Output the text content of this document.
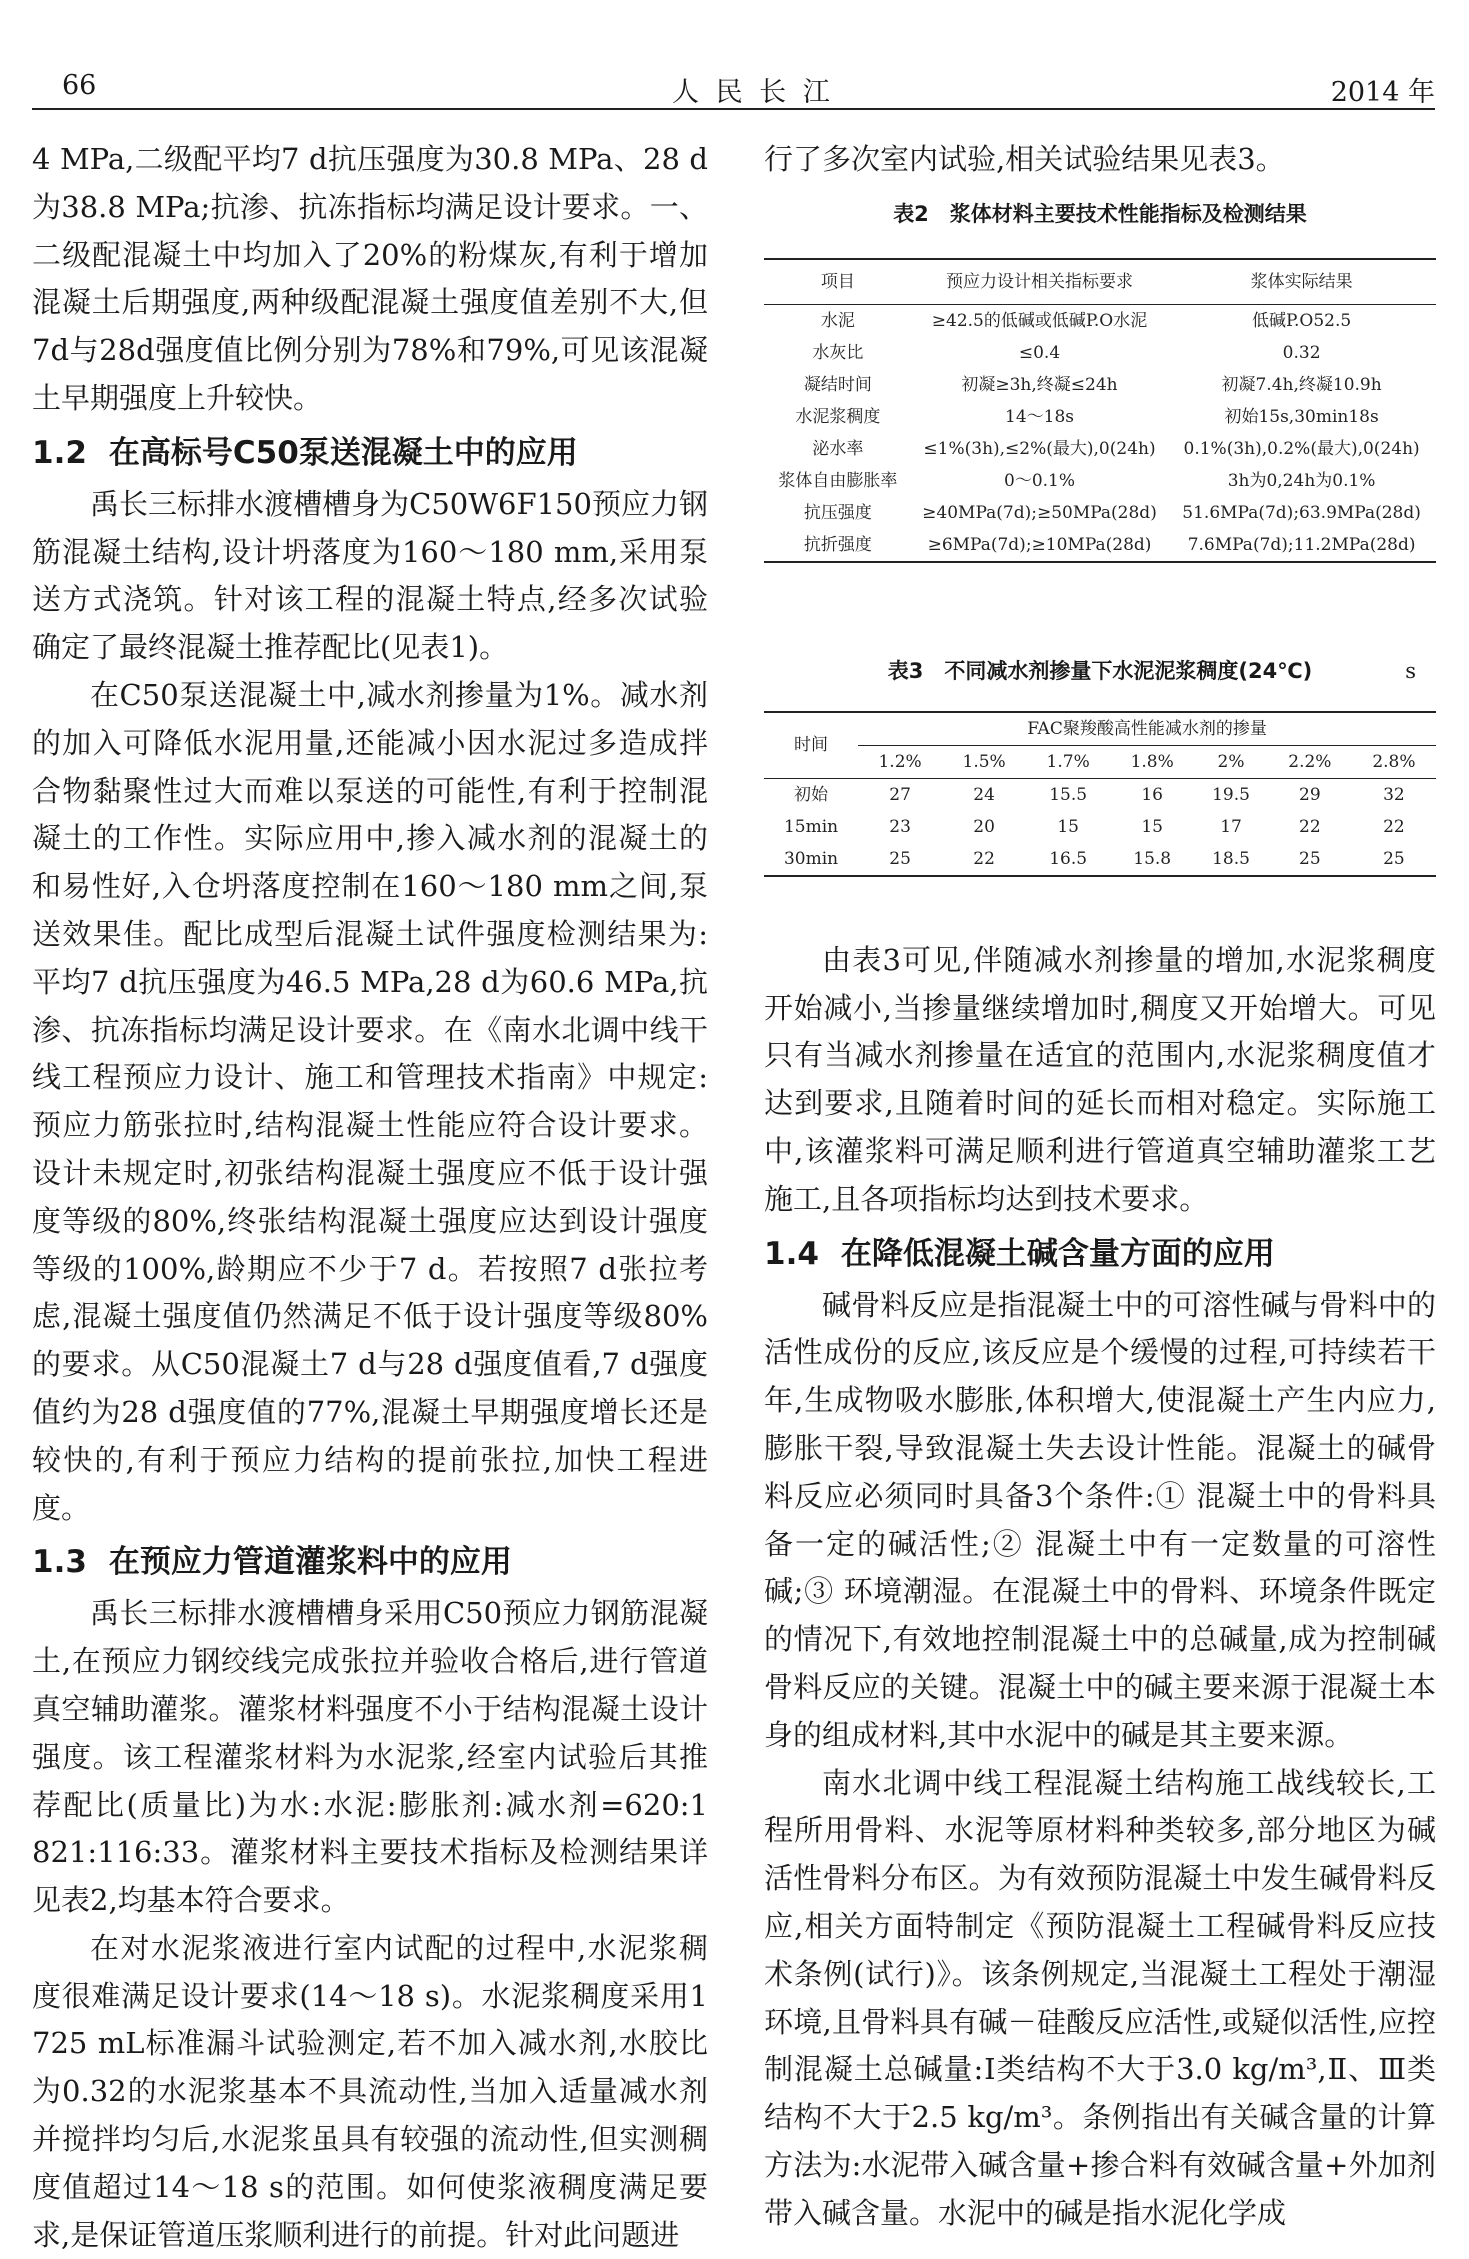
66	人 民 长 江	2014 年

4 MPa,二级配平均7 d抗压强度为30.8 MPa、28 d为38.8 MPa;抗渗、抗冻指标均满足设计要求。一、二级配混凝土中均加入了20%的粉煤灰,有利于增加混凝土后期强度,两种级配混凝土强度值差别不大,但7d与28d强度值比例分别为78%和79%,可见该混凝土早期强度上升较快。

1.2 在高标号C50泵送混凝土中的应用

禹长三标排水渡槽槽身为C50W6F150预应力钢筋混凝土结构,设计坍落度为160～180 mm,采用泵送方式浇筑。针对该工程的混凝土特点,经多次试验确定了最终混凝土推荐配比(见表1)。

在C50泵送混凝土中,减水剂掺量为1%。减水剂的加入可降低水泥用量,还能减小因水泥过多造成拌合物黏聚性过大而难以泵送的可能性,有利于控制混凝土的工作性。实际应用中,掺入减水剂的混凝土的和易性好,入仓坍落度控制在160～180 mm之间,泵送效果佳。配比成型后混凝土试件强度检测结果为:平均7 d抗压强度为46.5 MPa,28 d为60.6 MPa,抗渗、抗冻指标均满足设计要求。在《南水北调中线干线工程预应力设计、施工和管理技术指南》中规定:预应力筋张拉时,结构混凝土性能应符合设计要求。设计未规定时,初张结构混凝土强度应不低于设计强度等级的80%,终张结构混凝土强度应达到设计强度等级的100%,龄期应不少于7 d。若按照7 d张拉考虑,混凝土强度值仍然满足不低于设计强度等级80%的要求。从C50混凝土7 d与28 d强度值看,7 d强度值约为28 d强度值的77%,混凝土早期强度增长还是较快的,有利于预应力结构的提前张拉,加快工程进度。

1.3 在预应力管道灌浆料中的应用

禹长三标排水渡槽槽身采用C50预应力钢筋混凝土,在预应力钢绞线完成张拉并验收合格后,进行管道真空辅助灌浆。灌浆材料强度不小于结构混凝土设计强度。该工程灌浆材料为水泥浆,经室内试验后其推荐配比(质量比)为水:水泥:膨胀剂:减水剂=620:1 821:116:33。灌浆材料主要技术指标及检测结果详见表2,均基本符合要求。

在对水泥浆液进行室内试配的过程中,水泥浆稠度很难满足设计要求(14～18 s)。水泥浆稠度采用1 725 mL标准漏斗试验测定,若不加入减水剂,水胶比为0.32的水泥浆基本不具流动性,当加入适量减水剂并搅拌均匀后,水泥浆虽具有较强的流动性,但实测稠度值超过14～18 s的范围。如何使浆液稠度满足要求,是保证管道压浆顺利进行的前提。针对此问题进

行了多次室内试验,相关试验结果见表3。

表2　浆体材料主要技术性能指标及检测结果
项目	预应力设计相关指标要求	浆体实际结果
水泥	≥42.5的低碱或低碱P.O水泥	低碱P.O52.5
水灰比	≤0.4	0.32
凝结时间	初凝≥3h,终凝≤24h	初凝7.4h,终凝10.9h
水泥浆稠度	14～18s	初始15s,30min18s
泌水率	≤1%(3h),≤2%(最大),0(24h)	0.1%(3h),0.2%(最大),0(24h)
浆体自由膨胀率	0～0.1%	3h为0,24h为0.1%
抗压强度	≥40MPa(7d);≥50MPa(28d)	51.6MPa(7d);63.9MPa(28d)
抗折强度	≥6MPa(7d);≥10MPa(28d)	7.6MPa(7d);11.2MPa(28d)
表3　不同减水剂掺量下水泥泥浆稠度(24℃)	s
时间	FAC聚羧酸高性能减水剂的掺量						
	1.2%	1.5%	1.7%	1.8%	2%	2.2%	2.8%
初始	27	24	15.5	16	19.5	29	32
15min	23	20	15	15	17	22	22
30min	25	22	16.5	15.8	18.5	25	25

由表3可见,伴随减水剂掺量的增加,水泥浆稠度开始减小,当掺量继续增加时,稠度又开始增大。可见只有当减水剂掺量在适宜的范围内,水泥浆稠度值才达到要求,且随着时间的延长而相对稳定。实际施工中,该灌浆料可满足顺利进行管道真空辅助灌浆工艺施工,且各项指标均达到技术要求。

1.4 在降低混凝土碱含量方面的应用

碱骨料反应是指混凝土中的可溶性碱与骨料中的活性成份的反应,该反应是个缓慢的过程,可持续若干年,生成物吸水膨胀,体积增大,使混凝土产生内应力,膨胀干裂,导致混凝土失去设计性能。混凝土的碱骨料反应必须同时具备3个条件:① 混凝土中的骨料具备一定的碱活性;② 混凝土中有一定数量的可溶性碱;③ 环境潮湿。在混凝土中的骨料、环境条件既定的情况下,有效地控制混凝土中的总碱量,成为控制碱骨料反应的关键。混凝土中的碱主要来源于混凝土本身的组成材料,其中水泥中的碱是其主要来源。

南水北调中线工程混凝土结构施工战线较长,工程所用骨料、水泥等原材料种类较多,部分地区为碱活性骨料分布区。为有效预防混凝土中发生碱骨料反应,相关方面特制定《预防混凝土工程碱骨料反应技术条例(试行)》。该条例规定,当混凝土工程处于潮湿环境,且骨料具有碱－硅酸反应活性,或疑似活性,应控制混凝土总碱量:Ⅰ类结构不大于3.0 kg/m³,Ⅱ、Ⅲ类结构不大于2.5 kg/m³。条例指出有关碱含量的计算方法为:水泥带入碱含量+掺合料有效碱含量+外加剂带入碱含量。水泥中的碱是指水泥化学成
